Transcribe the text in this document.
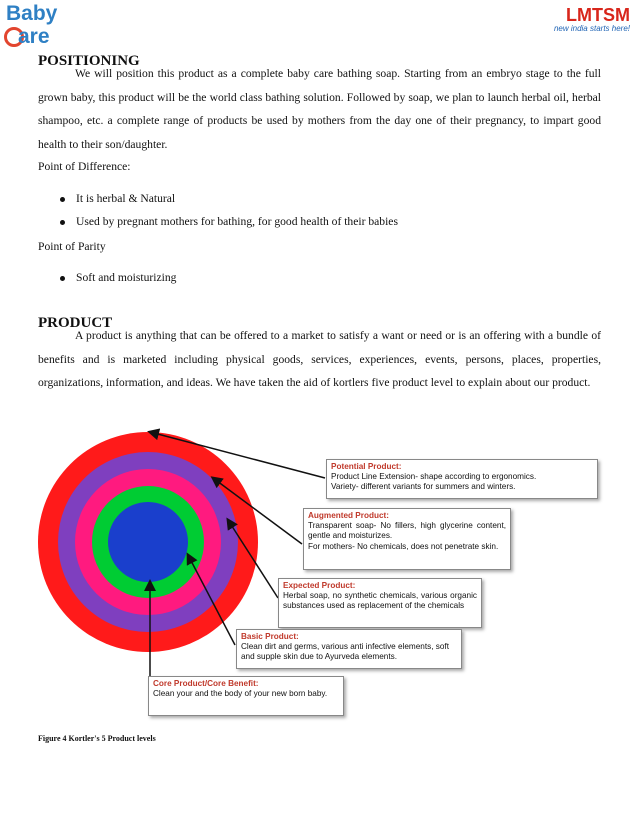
Baby
are
LMTSM
new india starts here!
POSITIONING

We will position this product as a complete baby care bathing soap. Starting from an embryo stage to the full grown baby, this product will be the world class bathing solution. Followed by soap, we plan to launch herbal oil, herbal shampoo, etc. a complete range of products be used by mothers from the day one of their pregnancy, to impart good health to their son/daughter.

Point of Difference:
It is herbal & Natural
Used by pregnant mothers for bathing, for good health of their babies
Point of Parity
Soft and moisturizing
PRODUCT

A product is anything that can be offered to a market to satisfy a want or need or is an offering with a bundle of benefits and is marketed including physical goods, services, experiences, events, persons, places, properties, organizations, information, and ideas. We have taken the aid of kortlers five product level to explain about our product.

Potential Product:
Product Line Extension- shape according to ergonomics.
Variety- different variants for summers and winters.
Augmented Product:
Transparent soap- No fillers, high glycerine content, gentle and moisturizes.
For mothers- No chemicals, does not penetrate skin.
Expected Product:
Herbal soap, no synthetic chemicals, various organic substances used as replacement of the chemicals
Basic Product:
Clean dirt and germs, various anti infective elements, soft and supple skin due to Ayurveda elements.
Core Product/Core Benefit:
Clean your and the body of your new born baby.
Figure 4 Kortler's 5 Product levels
